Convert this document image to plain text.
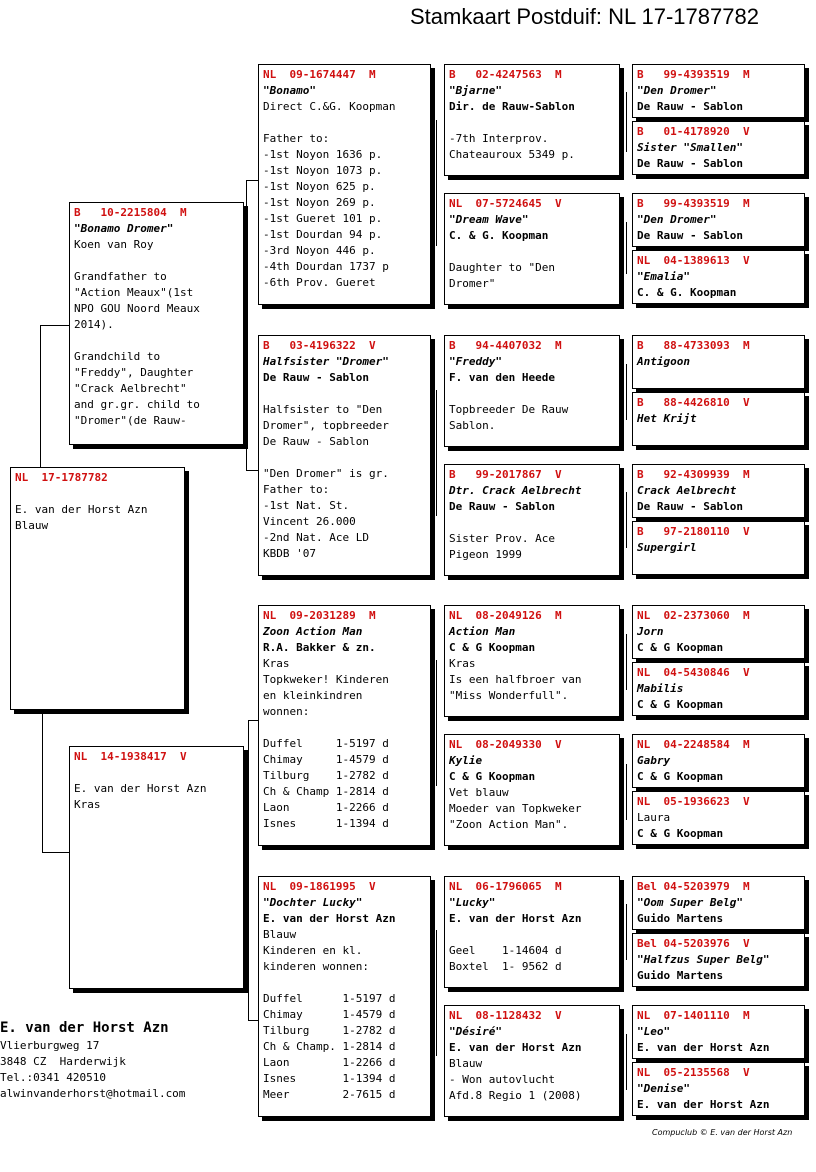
Stamkaart Postduif: NL 17-1787782
NL  17-1787782
E. van der Horst Azn
Blauw
B   10-2215804  M
"Bonamo Dromer"
Koen van Roy
Grandfather to
"Action Meaux"(1st
NPO GOU Noord Meaux
2014).
Grandchild to
"Freddy", Daughter
"Crack Aelbrecht"
and gr.gr. child to
"Dromer"(de Rauw-
NL  14-1938417  V
E. van der Horst Azn
Kras
NL  09-1674447  M
"Bonamo"
Direct C.&G. Koopman
Father to:
-1st Noyon 1636 p.
-1st Noyon 1073 p.
-1st Noyon 625 p.
-1st Noyon 269 p.
-1st Gueret 101 p.
-1st Dourdan 94 p.
-3rd Noyon 446 p.
-4th Dourdan 1737 p
-6th Prov. Gueret
B   03-4196322  V
Halfsister "Dromer"
De Rauw - Sablon
Halfsister to "Den
Dromer", topbreeder
De Rauw - Sablon
"Den Dromer" is gr.
Father to:
-1st Nat. St.
Vincent 26.000
-2nd Nat. Ace LD
KBDB '07
NL  09-2031289  M
Zoon Action Man
R.A. Bakker & zn.
Kras
Topkweker! Kinderen
en kleinkindren
wonnen:
Duffel     1-5197 d
Chimay     1-4579 d
Tilburg    1-2782 d
Ch & Champ 1-2814 d
Laon       1-2266 d
Isnes      1-1394 d
NL  09-1861995  V
"Dochter Lucky"
E. van der Horst Azn
Blauw
Kinderen en kl.
kinderen wonnen:
Duffel      1-5197 d
Chimay      1-4579 d
Tilburg     1-2782 d
Ch & Champ. 1-2814 d
Laon        1-2266 d
Isnes       1-1394 d
Meer        2-7615 d
B   02-4247563  M
"Bjarne"
Dir. de Rauw-Sablon
-7th Interprov.
Chateauroux 5349 p.
NL  07-5724645  V
"Dream Wave"
C. & G. Koopman
Daughter to "Den
Dromer"
B   94-4407032  M
"Freddy"
F. van den Heede
Topbreeder De Rauw
Sablon.
B   99-2017867  V
Dtr. Crack Aelbrecht
De Rauw - Sablon
Sister Prov. Ace
Pigeon 1999
NL  08-2049126  M
Action Man
C & G Koopman
Kras
Is een halfbroer van
"Miss Wonderfull".
NL  08-2049330  V
Kylie
C & G Koopman
Vet blauw
Moeder van Topkweker
"Zoon Action Man".
NL  06-1796065  M
"Lucky"
E. van der Horst Azn
Geel    1-14604 d
Boxtel  1- 9562 d
NL  08-1128432  V
"Désiré"
E. van der Horst Azn
Blauw
- Won autovlucht
Afd.8 Regio 1 (2008)
B   99-4393519  M
"Den Dromer"
De Rauw - Sablon
B   01-4178920  V
Sister "Smallen"
De Rauw - Sablon
B   99-4393519  M
"Den Dromer"
De Rauw - Sablon
NL  04-1389613  V
"Emalia"
C. & G. Koopman
B   88-4733093  M
Antigoon
B   88-4426810  V
Het Krijt
B   92-4309939  M
Crack Aelbrecht
De Rauw - Sablon
B   97-2180110  V
Supergirl
NL  02-2373060  M
Jorn
C & G Koopman
NL  04-5430846  V
Mabilis
C & G Koopman
NL  04-2248584  M
Gabry
C & G Koopman
NL  05-1936623  V
Laura
C & G Koopman
Bel 04-5203979  M
"Oom Super Belg"
Guido Martens
Bel 04-5203976  V
"Halfzus Super Belg"
Guido Martens
NL  07-1401110  M
"Leo"
E. van der Horst Azn
NL  05-2135568  V
"Denise"
E. van der Horst Azn
E. van der Horst Azn
Vlierburgweg 17
3848 CZ  Harderwijk
Tel.:0341 420510
alwinvanderhorst@hotmail.com
Compuclub © E. van der Horst Azn
